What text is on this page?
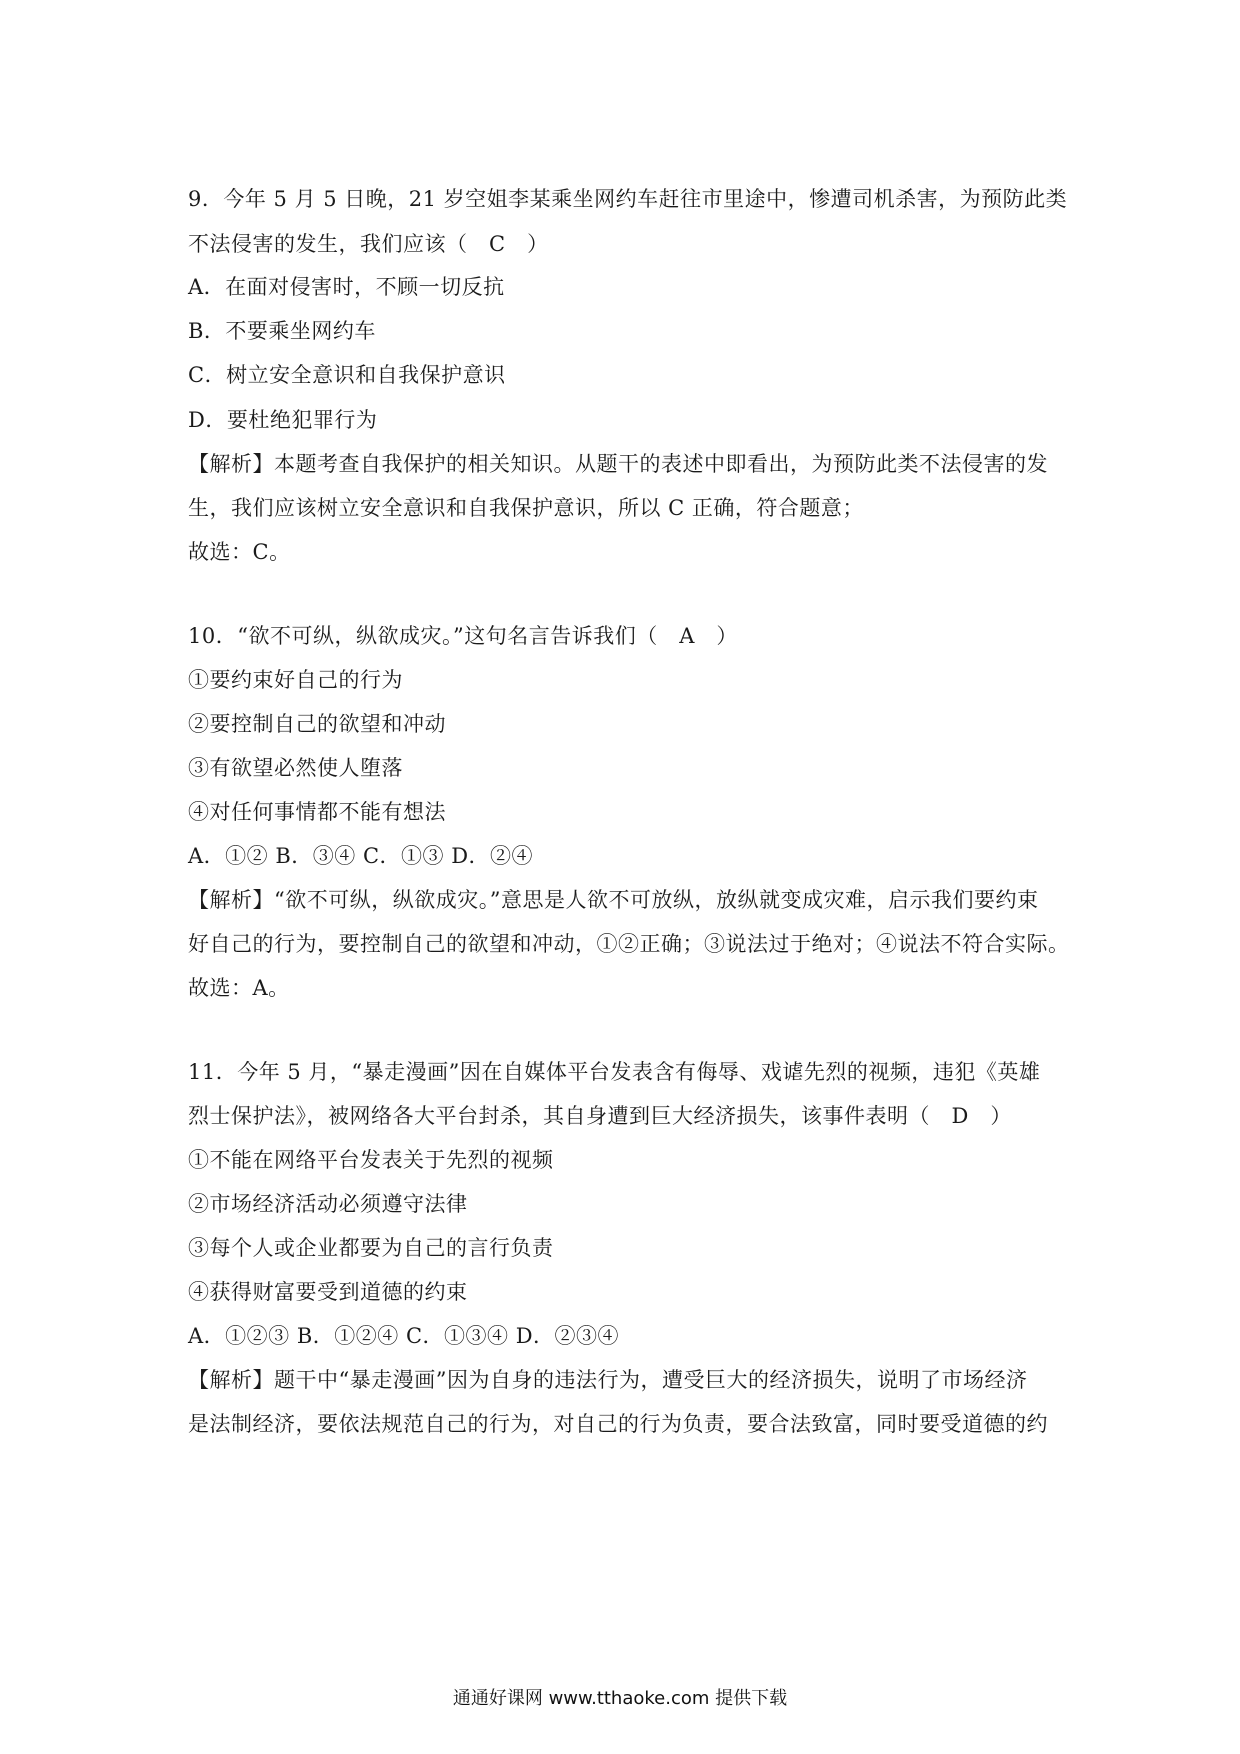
9．今年 5 月 5 日晚，21 岁空姐李某乘坐网约车赶往市里途中，惨遭司机杀害，为预防此类
不法侵害的发生，我们应该（　C　）
A．在面对侵害时，不顾一切反抗
B．不要乘坐网约车
C．树立安全意识和自我保护意识
D．要杜绝犯罪行为
【解析】本题考查自我保护的相关知识。从题干的表述中即看出，为预防此类不法侵害的发
生，我们应该树立安全意识和自我保护意识，所以 C 正确，符合题意；
故选：C。
10．“欲不可纵，纵欲成灾。”这句名言告诉我们（　A　）
①要约束好自己的行为
②要控制自己的欲望和冲动
③有欲望必然使人堕落
④对任何事情都不能有想法
A．①② B．③④ C．①③ D．②④
【解析】“欲不可纵，纵欲成灾。”意思是人欲不可放纵，放纵就变成灾难，启示我们要约束
好自己的行为，要控制自己的欲望和冲动，①②正确；③说法过于绝对；④说法不符合实际。
故选：A。
11．今年 5 月，“暴走漫画”因在自媒体平台发表含有侮辱、戏谑先烈的视频，违犯《英雄
烈士保护法》，被网络各大平台封杀，其自身遭到巨大经济损失，该事件表明（　D　）
①不能在网络平台发表关于先烈的视频
②市场经济活动必须遵守法律
③每个人或企业都要为自己的言行负责
④获得财富要受到道德的约束
A．①②③ B．①②④ C．①③④ D．②③④
【解析】题干中“暴走漫画”因为自身的违法行为，遭受巨大的经济损失，说明了市场经济
是法制经济，要依法规范自己的行为，对自己的行为负责，要合法致富，同时要受道德的约
通通好课网 www.tthaoke.com 提供下载
